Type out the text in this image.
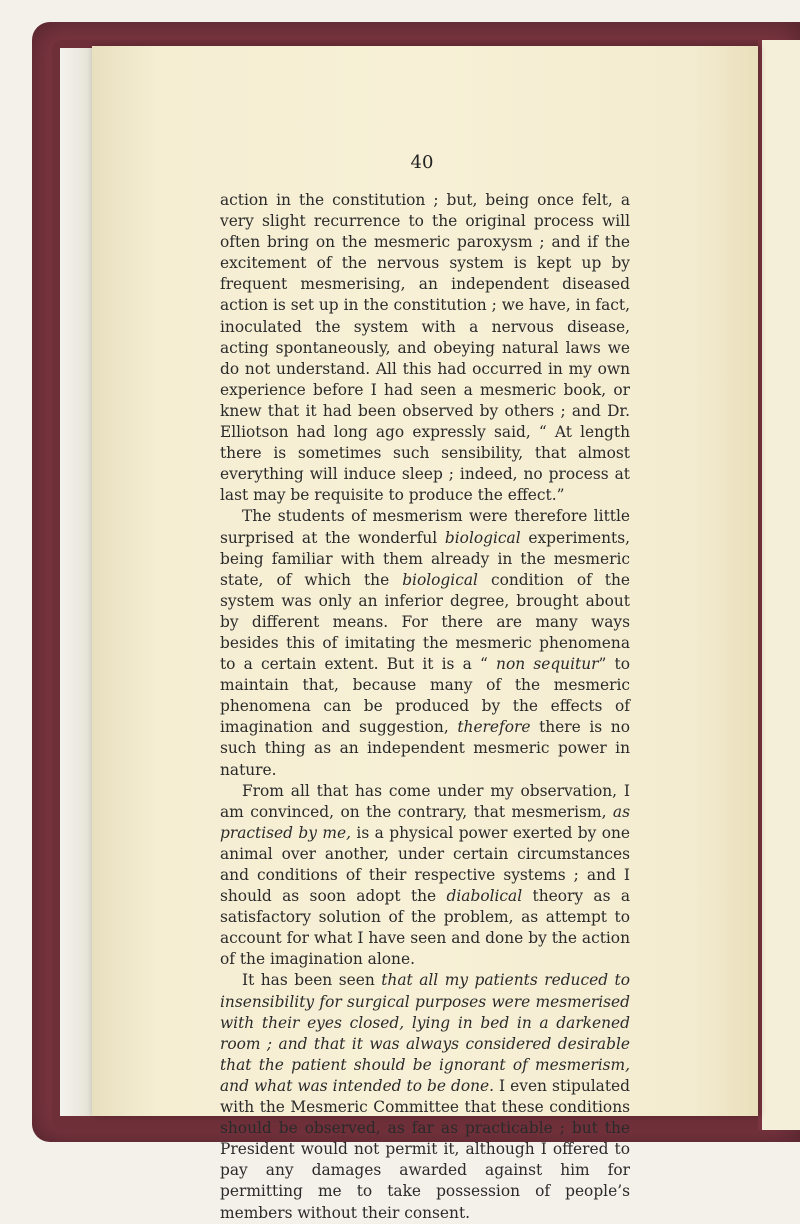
40

action in the constitution ; but, being once felt, a very slight recurrence to the original process will often bring on the mesmeric paroxysm ; and if the excitement of the nervous system is kept up by frequent mesmerising, an independent diseased action is set up in the constitution ; we have, in fact, inoculated the system with a nervous disease, acting spontaneously, and obeying natural laws we do not understand. All this had occurred in my own experience before I had seen a mesmeric book, or knew that it had been observed by others ; and Dr. Elliotson had long ago expressly said, “ At length there is sometimes such sensibility, that almost everything will induce sleep ; indeed, no process at last may be requisite to produce the effect.”

The students of mesmerism were therefore little surprised at the wonderful biological experiments, being familiar with them already in the mesmeric state, of which the biological condition of the system was only an inferior degree, brought about by different means. For there are many ways besides this of imitating the mesmeric phenomena to a certain extent. But it is a “ non sequitur” to maintain that, because many of the mesmeric phenomena can be produced by the effects of imagination and suggestion, therefore there is no such thing as an independent mesmeric power in nature.

From all that has come under my observation, I am convinced, on the contrary, that mesmerism, as practised by me, is a physical power exerted by one animal over another, under certain circumstances and conditions of their respective systems ; and I should as soon adopt the diabolical theory as a satisfactory solution of the problem, as attempt to account for what I have seen and done by the action of the imagination alone.

It has been seen that all my patients reduced to insensibility for surgical purposes were mesmerised with their eyes closed, lying in bed in a darkened room ; and that it was always considered desirable that the patient should be ignorant of mesmerism, and what was intended to be done. I even stipulated with the Mesmeric Committee that these conditions should be observed, as far as practicable ; but the President would not permit it, although I offered to pay any damages awarded against him for permitting me to take possession of people’s members without their consent.
